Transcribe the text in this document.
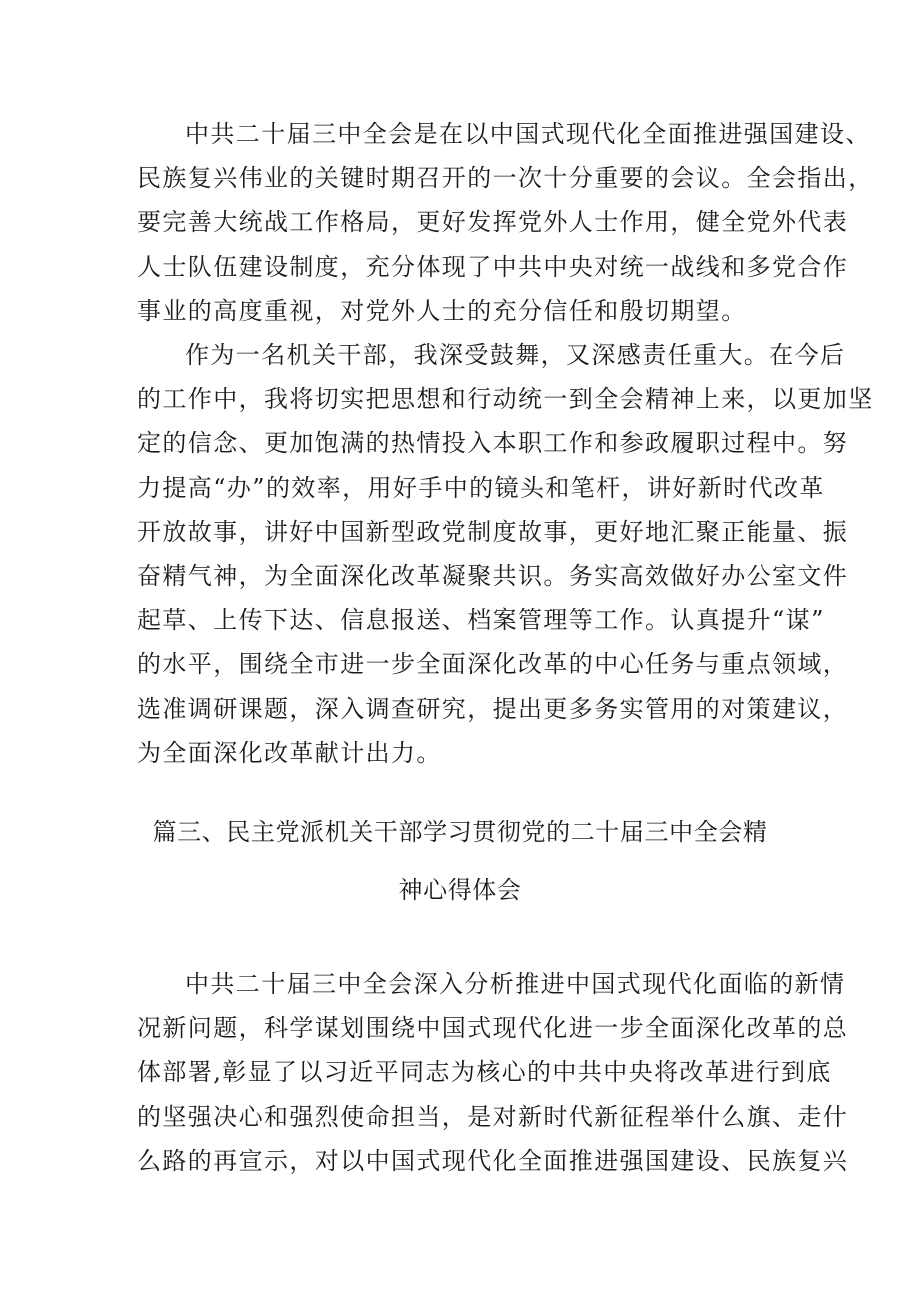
中共二十届三中全会是在以中国式现代化全面推进强国建设、
民族复兴伟业的关键时期召开的一次十分重要的会议。全会指出，
要完善大统战工作格局，更好发挥党外人士作用，健全党外代表
人士队伍建设制度，充分体现了中共中央对统一战线和多党合作
事业的高度重视，对党外人士的充分信任和殷切期望。
作为一名机关干部，我深受鼓舞，又深感责任重大。在今后
的工作中，我将切实把思想和行动统一到全会精神上来，以更加坚
定的信念、更加饱满的热情投入本职工作和参政履职过程中。努
力提高“办”的效率，用好手中的镜头和笔杆，讲好新时代改革
开放故事，讲好中国新型政党制度故事，更好地汇聚正能量、振
奋精气神，为全面深化改革凝聚共识。务实高效做好办公室文件
起草、上传下达、信息报送、档案管理等工作。认真提升“谋”
的水平，围绕全市进一步全面深化改革的中心任务与重点领域，
选准调研课题，深入调查研究，提出更多务实管用的对策建议，
为全面深化改革献计出力。
篇三、民主党派机关干部学习贯彻党的二十届三中全会精
神心得体会
中共二十届三中全会深入分析推进中国式现代化面临的新情
况新问题，科学谋划围绕中国式现代化进一步全面深化改革的总
体部署,彰显了以习近平同志为核心的中共中央将改革进行到底
的坚强决心和强烈使命担当，是对新时代新征程举什么旗、走什
么路的再宣示，对以中国式现代化全面推进强国建设、民族复兴
